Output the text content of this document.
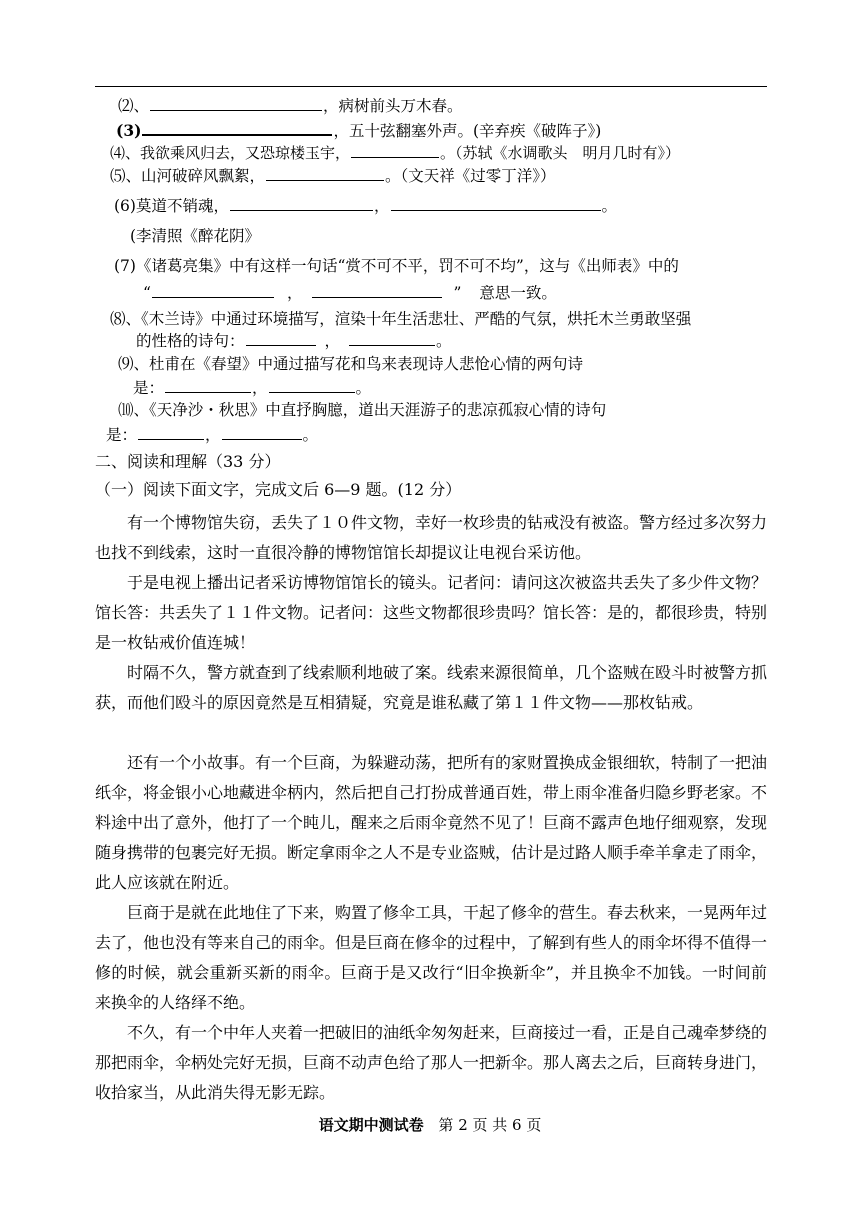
⑵、	，病树前头万木春。
(3)	，五十弦翻塞外声。(辛弃疾《破阵子》)
⑷、我欲乘风归去，又恐琼楼玉宇，	。（苏轼《水调歌头　明月几时有》）
⑸、山河破碎风飘絮，	。（文天祥《过零丁洋》）
(6)莫道不销魂，	，	。
(李清照《醉花阴》
(7)《诸葛亮集》中有这样一句话“赏不可不平，罚不可不均”，这与《出师表》中的
“	，	” 意思一致。
⑻、《木兰诗》中通过环境描写，渲染十年生活悲壮、严酷的气氛，烘托木兰勇敢坚强
的性格的诗句：	，	。
⑼、杜甫在《春望》中通过描写花和鸟来表现诗人悲怆心情的两句诗
是：	，	。
⑽、《天净沙・秋思》中直抒胸臆，道出天涯游子的悲凉孤寂心情的诗句
是：	，	。
二、阅读和理解（33 分）
（一）阅读下面文字，完成文后 6—9 题。(12 分）

有一个博物馆失窃，丢失了１０件文物，幸好一枚珍贵的钻戒没有被盗。警方经过多次努力也找不到线索，这时一直很冷静的博物馆馆长却提议让电视台采访他。

于是电视上播出记者采访博物馆馆长的镜头。记者问：请问这次被盗共丢失了多少件文物？馆长答：共丢失了１１件文物。记者问：这些文物都很珍贵吗？馆长答：是的，都很珍贵，特别是一枚钻戒价值连城！

时隔不久，警方就查到了线索顺利地破了案。线索来源很简单，几个盗贼在殴斗时被警方抓获，而他们殴斗的原因竟然是互相猜疑，究竟是谁私藏了第１１件文物——那枚钻戒。

还有一个小故事。有一个巨商，为躲避动荡，把所有的家财置换成金银细软，特制了一把油纸伞，将金银小心地藏进伞柄内，然后把自己打扮成普通百姓，带上雨伞准备归隐乡野老家。不料途中出了意外，他打了一个盹儿，醒来之后雨伞竟然不见了！巨商不露声色地仔细观察，发现随身携带的包裹完好无损。断定拿雨伞之人不是专业盗贼，估计是过路人顺手牵羊拿走了雨伞，此人应该就在附近。

巨商于是就在此地住了下来，购置了修伞工具，干起了修伞的营生。春去秋来，一晃两年过去了，他也没有等来自己的雨伞。但是巨商在修伞的过程中，了解到有些人的雨伞坏得不值得一修的时候，就会重新买新的雨伞。巨商于是又改行“旧伞换新伞”，并且换伞不加钱。一时间前来换伞的人络绎不绝。

不久，有一个中年人夹着一把破旧的油纸伞匆匆赶来，巨商接过一看，正是自己魂牵梦绕的那把雨伞，伞柄处完好无损，巨商不动声色给了那人一把新伞。那人离去之后，巨商转身进门，收拾家当，从此消失得无影无踪。

语文期中测试卷 第 2 页 共 6 页
